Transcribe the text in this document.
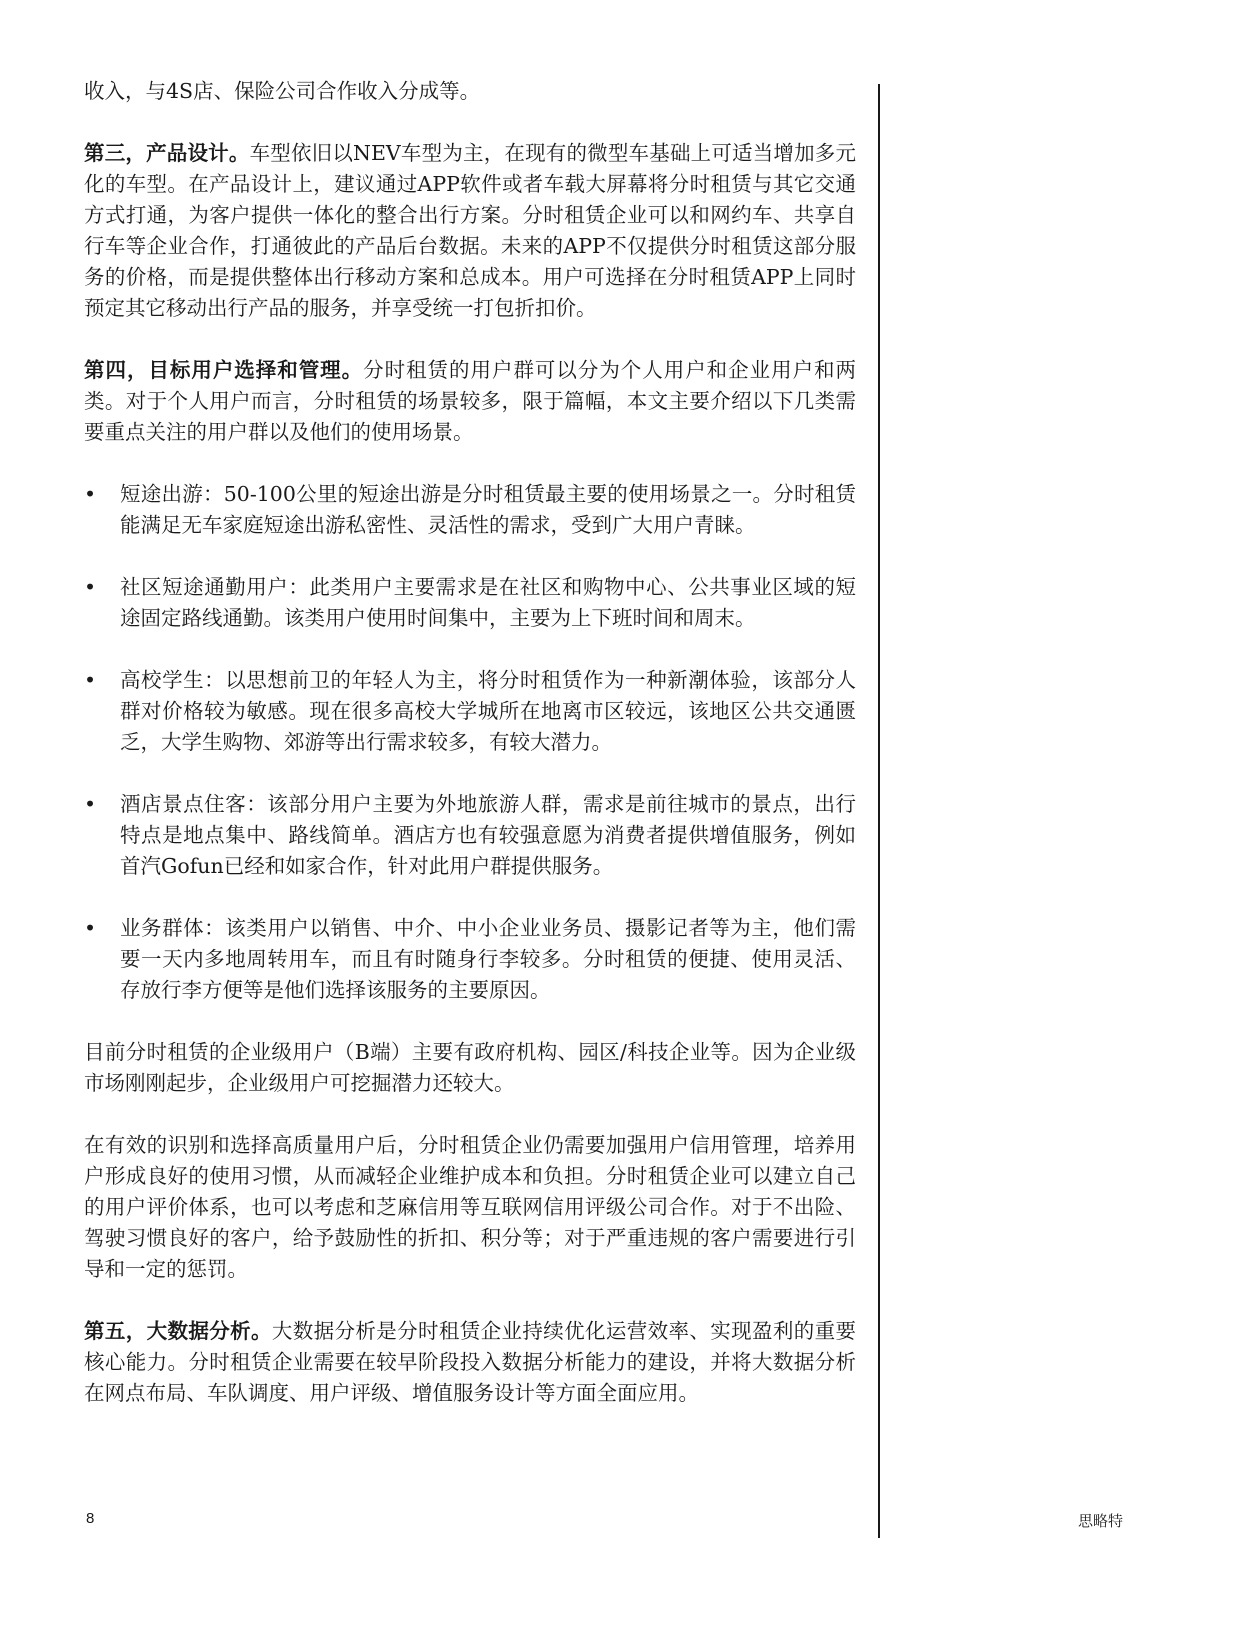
收入，与4S店、保险公司合作收入分成等。

第三，产品设计。车型依旧以NEV车型为主，在现有的微型车基础上可适当增加多元化的车型。在产品设计上，建议通过APP软件或者车载大屏幕将分时租赁与其它交通方式打通，为客户提供一体化的整合出行方案。分时租赁企业可以和网约车、共享自行车等企业合作，打通彼此的产品后台数据。未来的APP不仅提供分时租赁这部分服务的价格，而是提供整体出行移动方案和总成本。用户可选择在分时租赁APP上同时预定其它移动出行产品的服务，并享受统一打包折扣价。

第四，目标用户选择和管理。分时租赁的用户群可以分为个人用户和企业用户和两类。对于个人用户而言，分时租赁的场景较多，限于篇幅，本文主要介绍以下几类需要重点关注的用户群以及他们的使用场景。

• 短途出游：50-100公里的短途出游是分时租赁最主要的使用场景之一。分时租赁能满足无车家庭短途出游私密性、灵活性的需求，受到广大用户青睐。
• 社区短途通勤用户：此类用户主要需求是在社区和购物中心、公共事业区域的短途固定路线通勤。该类用户使用时间集中，主要为上下班时间和周末。
• 高校学生：以思想前卫的年轻人为主，将分时租赁作为一种新潮体验，该部分人群对价格较为敏感。现在很多高校大学城所在地离市区较远，该地区公共交通匮乏，大学生购物、郊游等出行需求较多，有较大潜力。
• 酒店景点住客：该部分用户主要为外地旅游人群，需求是前往城市的景点，出行特点是地点集中、路线简单。酒店方也有较强意愿为消费者提供增值服务，例如首汽Gofun已经和如家合作，针对此用户群提供服务。
• 业务群体：该类用户以销售、中介、中小企业业务员、摄影记者等为主，他们需要一天内多地周转用车，而且有时随身行李较多。分时租赁的便捷、使用灵活、存放行李方便等是他们选择该服务的主要原因。

目前分时租赁的企业级用户（B端）主要有政府机构、园区/科技企业等。因为企业级市场刚刚起步，企业级用户可挖掘潜力还较大。

在有效的识别和选择高质量用户后，分时租赁企业仍需要加强用户信用管理，培养用户形成良好的使用习惯，从而减轻企业维护成本和负担。分时租赁企业可以建立自己的用户评价体系，也可以考虑和芝麻信用等互联网信用评级公司合作。对于不出险、驾驶习惯良好的客户，给予鼓励性的折扣、积分等；对于严重违规的客户需要进行引导和一定的惩罚。

第五，大数据分析。大数据分析是分时租赁企业持续优化运营效率、实现盈利的重要核心能力。分时租赁企业需要在较早阶段投入数据分析能力的建设，并将大数据分析在网点布局、车队调度、用户评级、增值服务设计等方面全面应用。

8	思略特
